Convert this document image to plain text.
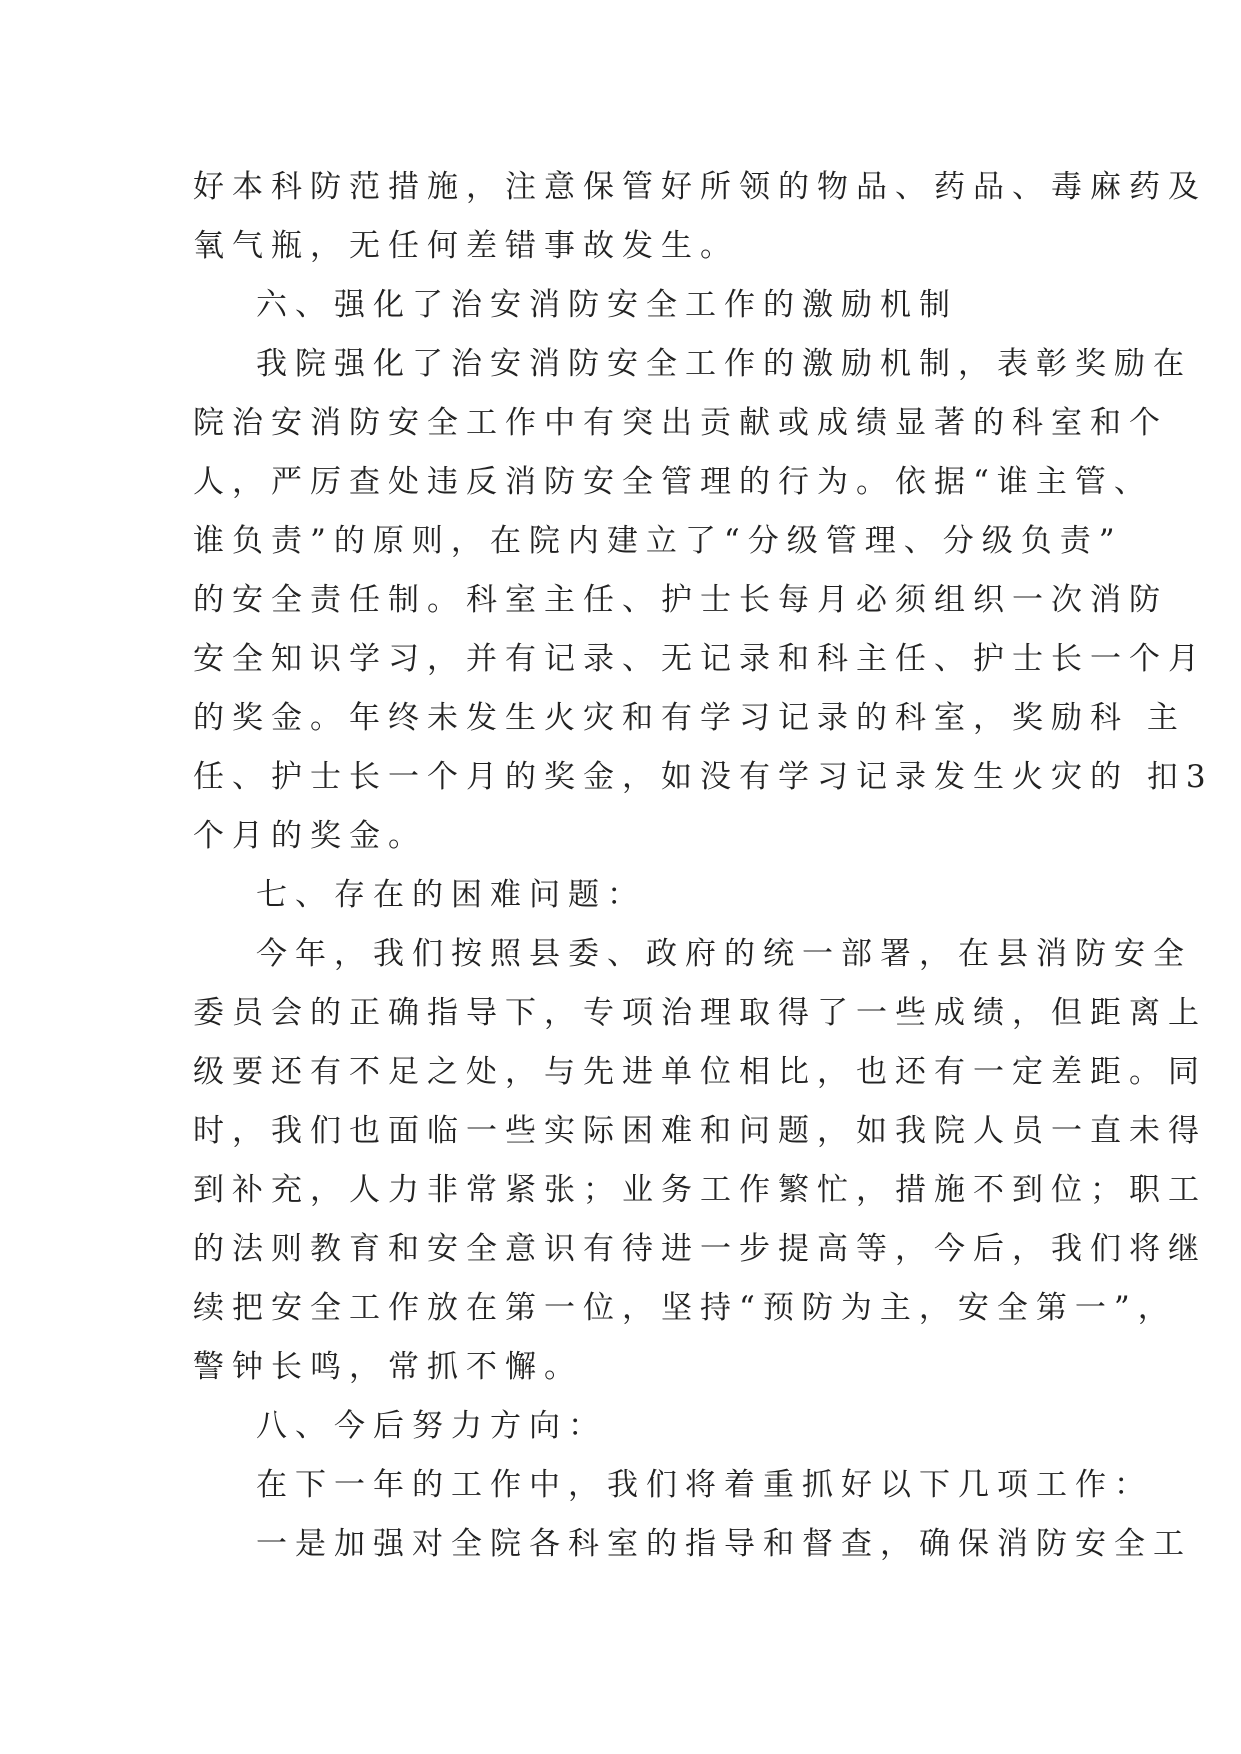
好本科防范措施，注意保管好所领的物品、药品、毒麻药及
氧气瓶，无任何差错事故发生。
六、强化了治安消防安全工作的激励机制
我院强化了治安消防安全工作的激励机制，表彰奖励在
院治安消防安全工作中有突出贡献或成绩显著的科室和个
人，严厉查处违反消防安全管理的行为。依据“谁主管、
谁负责”的原则，在院内建立了“分级管理、分级负责”
的安全责任制。科室主任、护士长每月必须组织一次消防
安全知识学习，并有记录、无记录和科主任、护士长一个月
的奖金。年终未发生火灾和有学习记录的科室，奖励科 主
任、护士长一个月的奖金，如没有学习记录发生火灾的 扣3
个月的奖金。
七、存在的困难问题：
今年，我们按照县委、政府的统一部署，在县消防安全
委员会的正确指导下，专项治理取得了一些成绩，但距离上
级要还有不足之处，与先进单位相比，也还有一定差距。同
时，我们也面临一些实际困难和问题，如我院人员一直未得
到补充，人力非常紧张；业务工作繁忙，措施不到位；职工
的法则教育和安全意识有待进一步提高等，今后，我们将继
续把安全工作放在第一位，坚持“预防为主，安全第一”，
警钟长鸣，常抓不懈。
八、今后努力方向：
在下一年的工作中，我们将着重抓好以下几项工作：
一是加强对全院各科室的指导和督查，确保消防安全工
